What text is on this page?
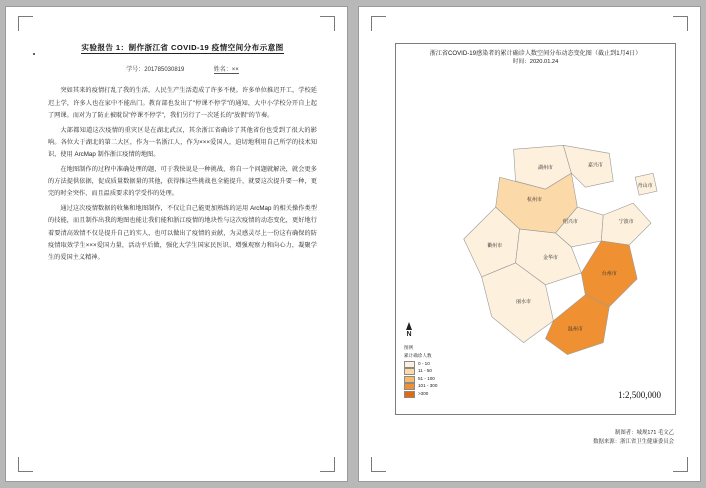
实验报告 1：制作浙江省 COVID-19 疫情空间分布示意图
学号：201785030819	姓名：××

突如其来的疫情打乱了我的生活，人民生产生活造成了许多不便。许多单位推迟开工，学校延迟上学，许多人也在家中不能出门。教育部也发出了"停课不停学"的通知，大中小学校分开自上起了网课。而对为了防止被耽误"停课不停学"，我们另行了一次延长的"放假"的节奏。

大部都知道这次疫情的重灾区是在湖北武汉，其余浙江省确诊了其他省份也受到了很大的影响。各位大于湖北的第二大区，作为一名浙江人，作为×××爱国人，迫切地利用自己所学的技术知识，使用 ArcMap 制作浙江疫情的地图。

在地图制作的过程中准确处理的题，可于我快说是一种挑战，将自一个问题就解决，就会更多的方法提供依据，促成质量数据量的其他，获得推这些挑战也全能提升，就要这次提升要一种，更完的时全突作、而且温质要求的学受作的处理。

通过这次疫情数据的收集和地图制作，不仅让自己能更加熟练的运用 ArcMap 的相关操作类型的技能，而且制作出我的地图也能让我们能和浙江疫情的地块性与这次疫情的动态变化，更好地行着要清高效情不仅是提升自己的实人，也可以做出了疫情的贡献，为灵感灵尽上一份这有确保的防疫情取效学生×××爱国力量，活动平后做，强化大学生国家民医识、增强观察力和向心力，凝聚学生的爱国主义精神。

浙江省COVID-19感染者的累计确诊人数空间分布动态变化图（截止到1月4日）
时间：2020.01.24
湖州市	嘉兴市
杭州市
绍兴市	宁波市
舟山市
金华市
衢州市
台州市
丽水市
温州市
N
图例
累计确诊人数
0 - 10
11 - 50
51 - 100
101 - 300
>300	1:2,500,000
制图者：城规171 毛文乙
数据来源：浙江省卫生健康委员会
